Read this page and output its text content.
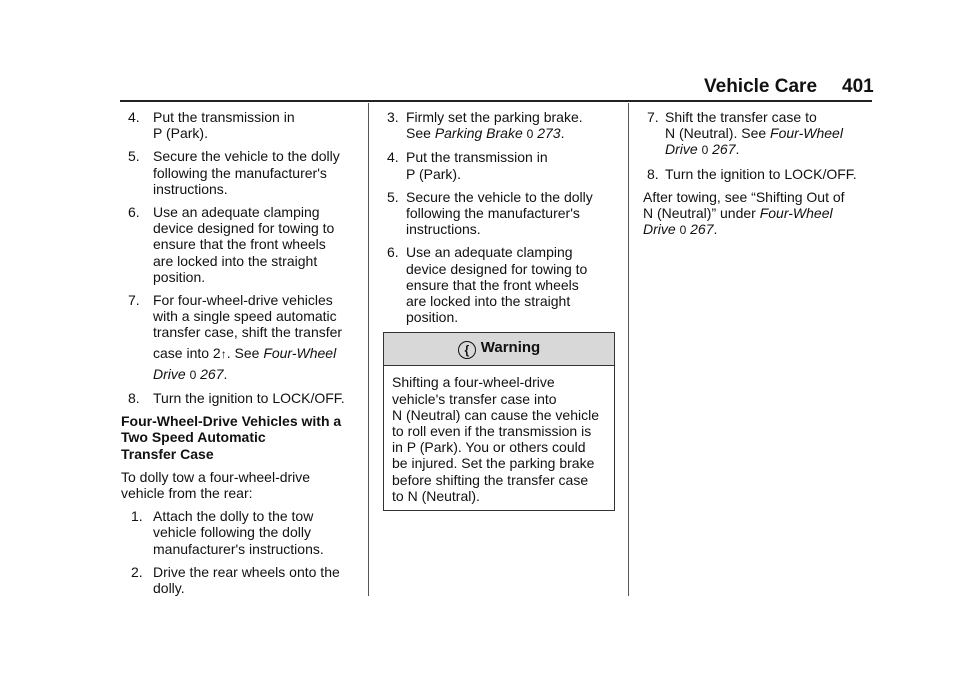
Vehicle Care 401
4. Put the transmission in
P (Park).
5. Secure the vehicle to the dolly
following the manufacturer's
instructions.
6. Use an adequate clamping
device designed for towing to
ensure that the front wheels
are locked into the straight
position.
7. For four-wheel-drive vehicles
with a single speed automatic
transfer case, shift the transfer
case into 2↑. See Four-Wheel
Drive 0 267.
8. Turn the ignition to LOCK/OFF.
Four-Wheel-Drive Vehicles with a
Two Speed Automatic
Transfer Case
To dolly tow a four-wheel-drive
vehicle from the rear:
1. Attach the dolly to the tow
vehicle following the dolly
manufacturer's instructions.
2. Drive the rear wheels onto the
dolly.
3. Firmly set the parking brake.
See Parking Brake 0 273.
4. Put the transmission in
P (Park).
5. Secure the vehicle to the dolly
following the manufacturer's
instructions.
6. Use an adequate clamping
device designed for towing to
ensure that the front wheels
are locked into the straight
position.
{ Warning
Shifting a four-wheel-drive
vehicle's transfer case into
N (Neutral) can cause the vehicle
to roll even if the transmission is
in P (Park). You or others could
be injured. Set the parking brake
before shifting the transfer case
to N (Neutral).
7. Shift the transfer case to
N (Neutral). See Four-Wheel
Drive 0 267.
8. Turn the ignition to LOCK/OFF.
After towing, see “Shifting Out of
N (Neutral)” under Four-Wheel
Drive 0 267.
